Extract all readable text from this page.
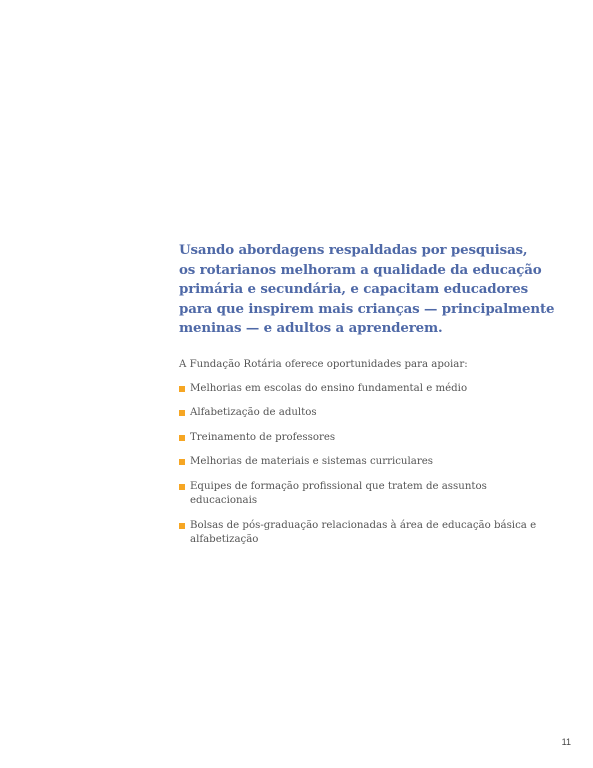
Usando abordagens respaldadas por pesquisas,
os rotarianos melhoram a qualidade da educação
primária e secundária, e capacitam educadores
para que inspirem mais crianças — principalmente
meninas — e adultos a aprenderem.

A Fundação Rotária oferece oportunidades para apoiar:

Melhorias em escolas do ensino fundamental e médio
Alfabetização de adultos
Treinamento de professores
Melhorias de materiais e sistemas curriculares
Equipes de formação profissional que tratem de assuntos
educacionais
Bolsas de pós-graduação relacionadas à área de educação básica e
alfabetização
11
